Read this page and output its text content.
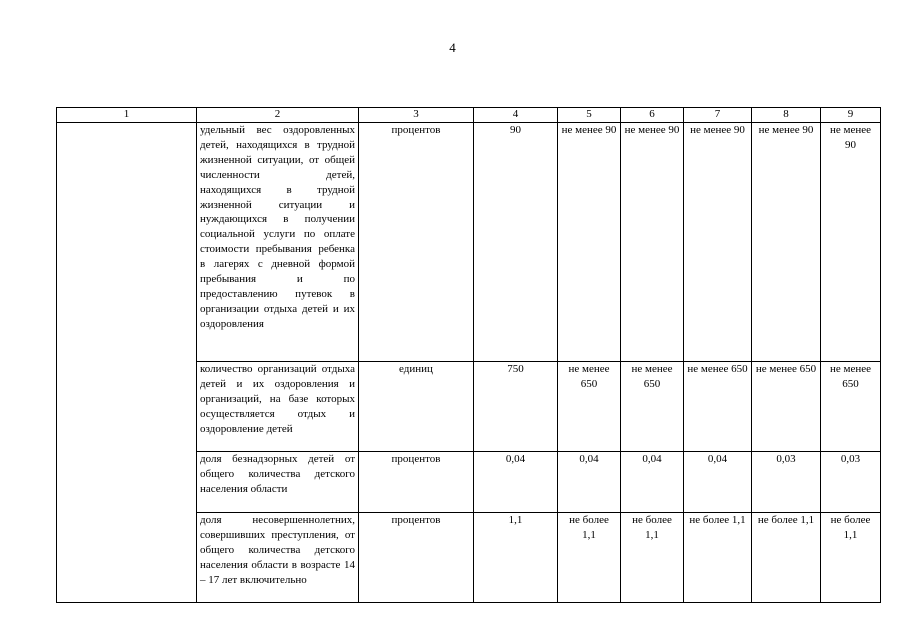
4
1	2	3	4	5	6	7	8	9
	удельный вес оздоровленных детей, находящихся в трудной жизненной ситуации, от общей численности детей, находящихся в трудной жизненной ситуации и нуждающихся в получении социальной услуги по оплате стоимости пребывания ребенка в лагерях с дневной формой пребывания и по предоставлению путевок в организации отдыха детей и их оздоровления	процентов	90	не менее 90	не менее 90	не менее 90	не менее 90	не менее 90
	количество организаций отдыха детей и их оздоровления и организаций, на базе которых осуществляется отдых и оздоровление детей	единиц	750	не менее 650	не менее 650	не менее 650	не менее 650	не менее 650
	доля безнадзорных детей от общего количества детского населения области	процентов	0,04	0,04	0,04	0,04	0,03	0,03
	доля несовершеннолетних, совершивших преступления, от общего количества детского населения области в возрасте 14 – 17 лет включительно	процентов	1,1	не более 1,1	не более 1,1	не более 1,1	не более 1,1	не более 1,1
